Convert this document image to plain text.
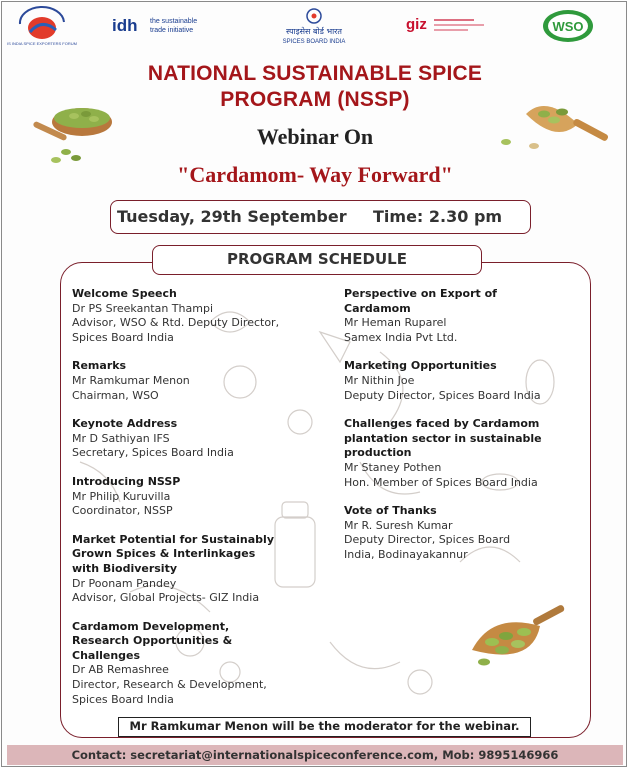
IS INDIA SPICE EXPORTERS FORUM
idh the sustainable
trade initiative	स्पाइसेस बोर्ड भारत
SPICES BOARD INDIA
giz	WSO
NATIONAL SUSTAINABLE SPICE
PROGRAM (NSSP)
Webinar On
"Cardamom- Way Forward"
Tuesday, 29th September Time: 2.30 pm
PROGRAM SCHEDULE
Welcome Speech
Dr PS Sreekantan Thampi
Advisor, WSO & Rtd. Deputy Director,
Spices Board India
Remarks
Mr Ramkumar Menon
Chairman, WSO
Keynote Address
Mr D Sathiyan IFS
Secretary, Spices Board India
Introducing NSSP
Mr Philip Kuruvilla
Coordinator, NSSP
Market Potential for Sustainably
Grown Spices & Interlinkages
with Biodiversity
Dr Poonam Pandey
Advisor, Global Projects- GIZ India
Cardamom Development,
Research Opportunities &
Challenges
Dr AB Remashree
Director, Research & Development,
Spices Board India
Perspective on Export of
Cardamom
Mr Heman Ruparel
Samex India Pvt Ltd.
Marketing Opportunities
Mr Nithin Joe
Deputy Director, Spices Board India
Challenges faced by Cardamom
plantation sector in sustainable
production
Mr Staney Pothen
Hon. Member of Spices Board India
Vote of Thanks
Mr R. Suresh Kumar
Deputy Director, Spices Board
India, Bodinayakannur
Mr Ramkumar Menon will be the moderator for the webinar.
Contact: secretariat@internationalspiceconference.com, Mob: 9895146966
